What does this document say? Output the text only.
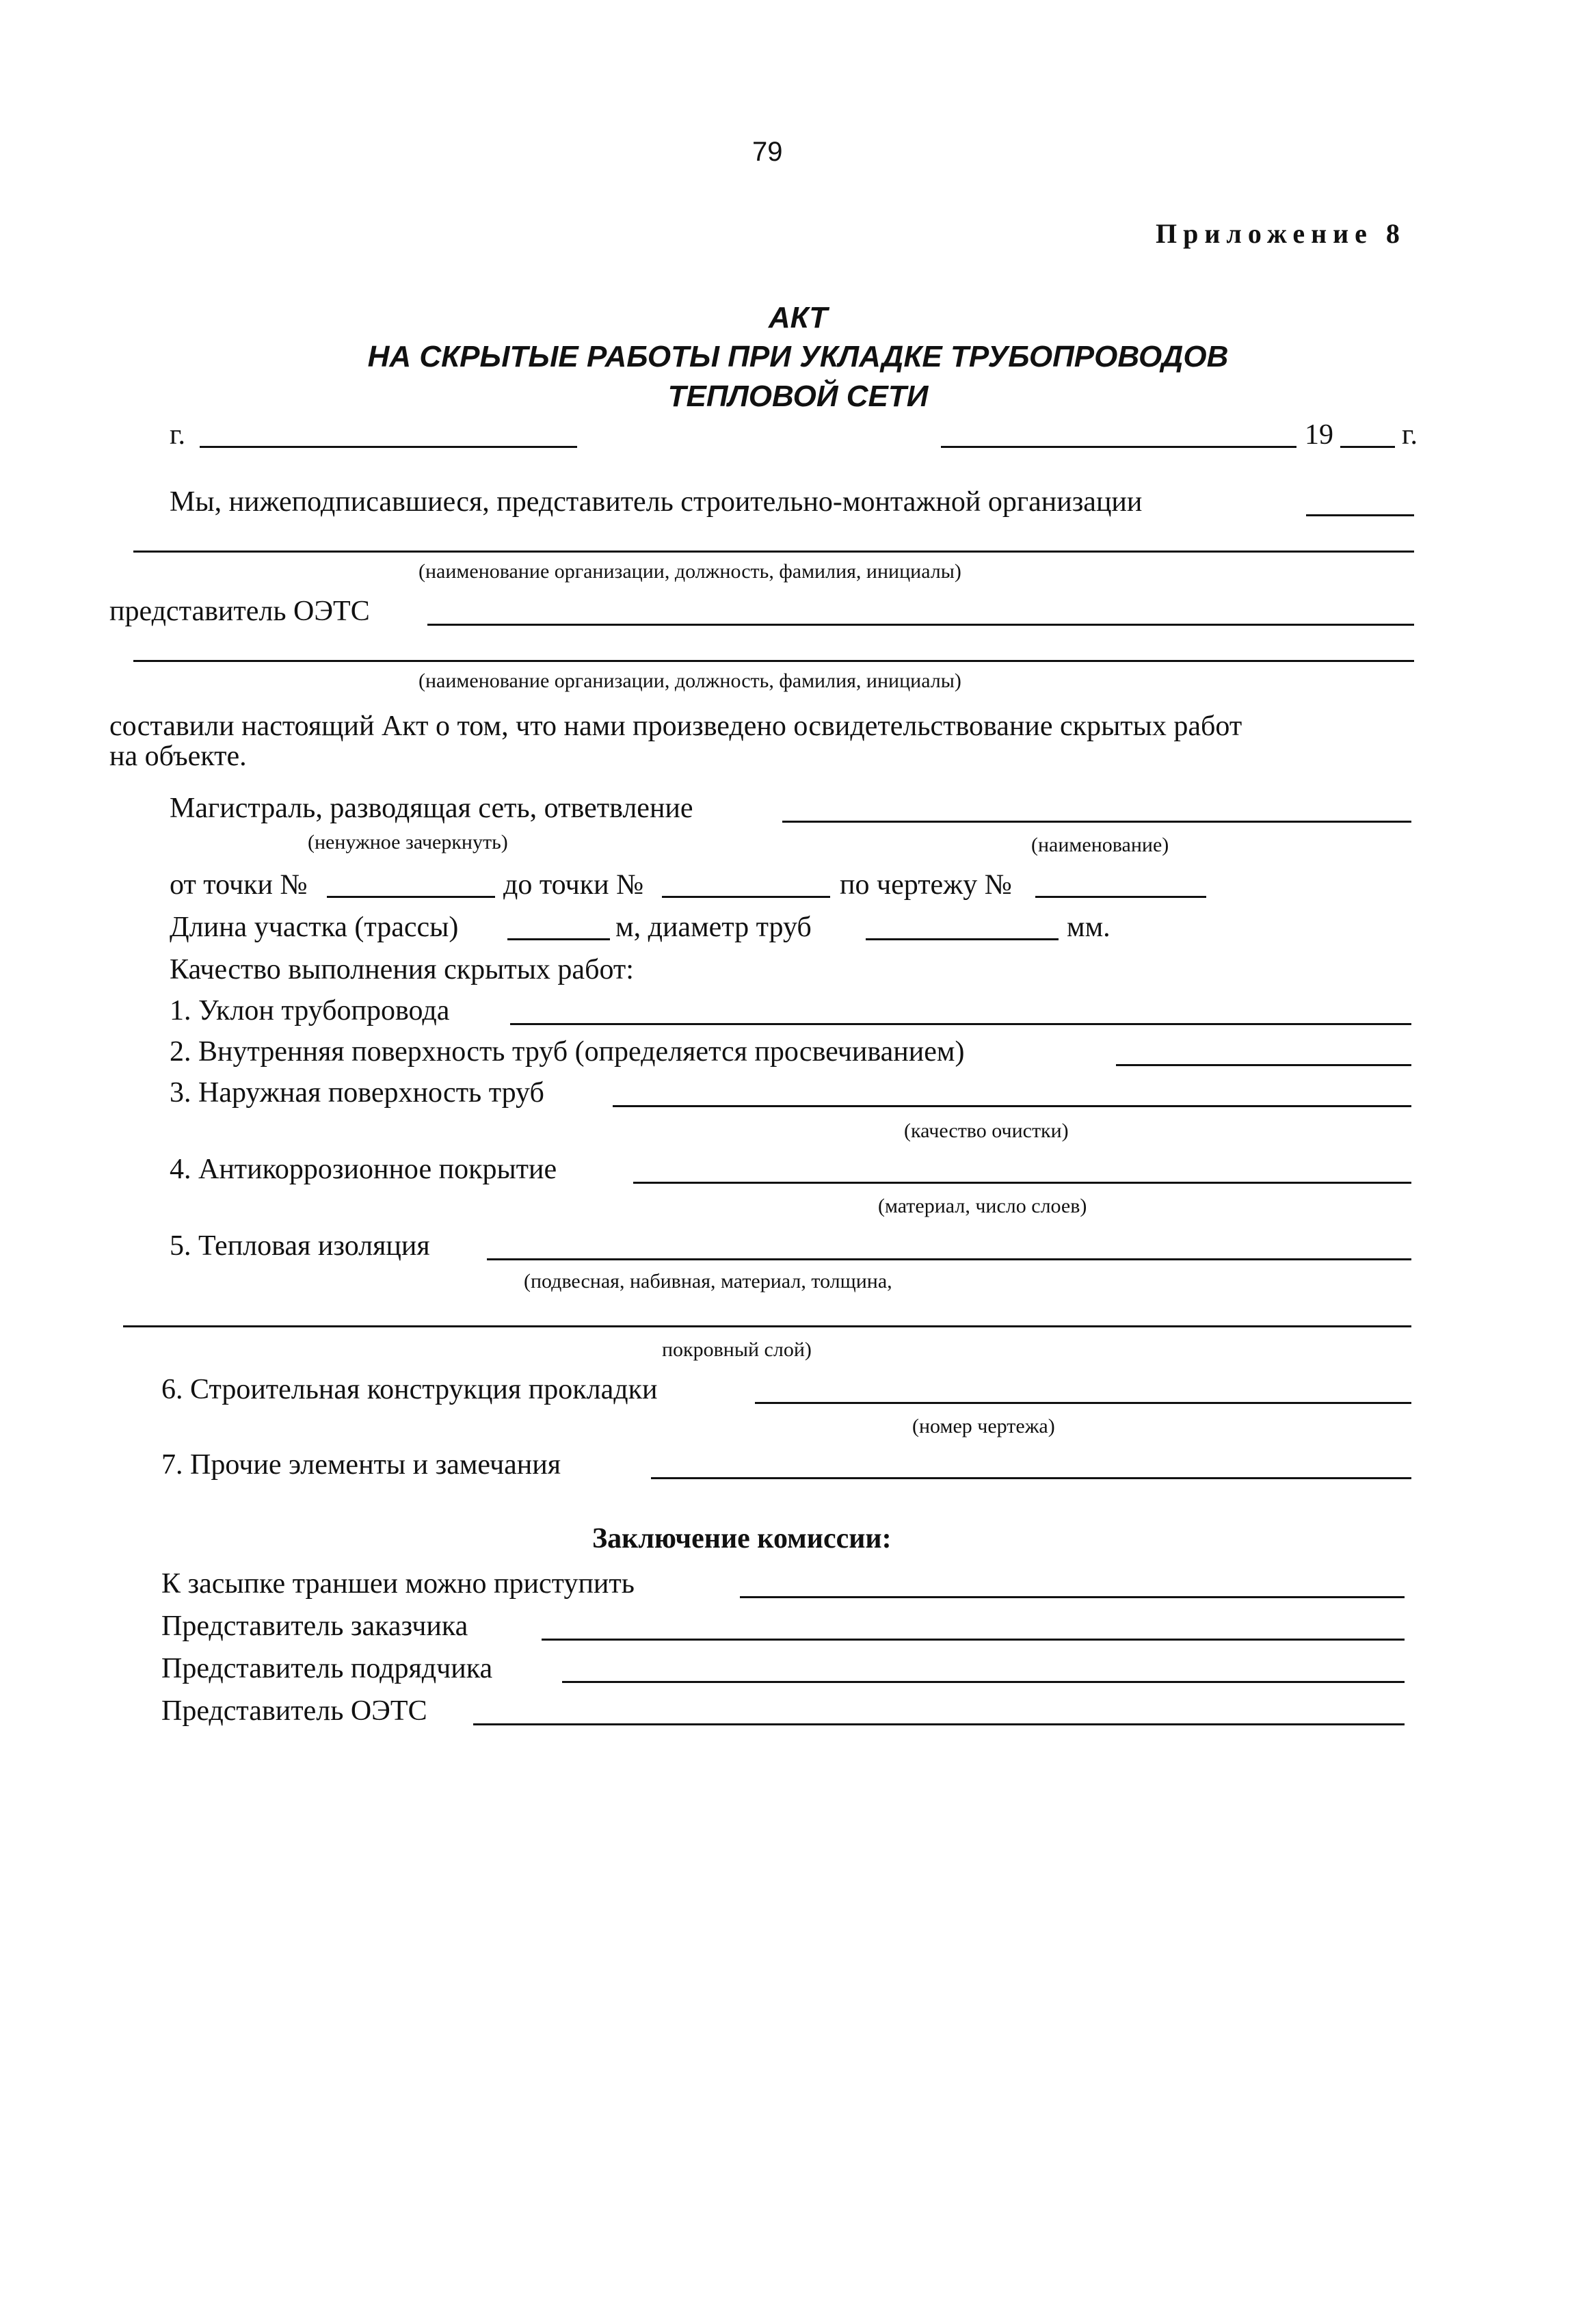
79
Приложение 8
АКТ
НА СКРЫТЫЕ РАБОТЫ ПРИ УКЛАДКЕ ТРУБОПРОВОДОВ
ТЕПЛОВОЙ СЕТИ
г.	19 г.
Мы, нижеподписавшиеся, представитель строительно-монтажной организации
(наименование организации, должность, фамилия, инициалы)
представитель ОЭТС
(наименование организации, должность, фамилия, инициалы)
составили настоящий Акт о том, что нами произведено освидетельствование скрытых работ
на объекте.
Магистраль, разводящая сеть, ответвление
(ненужное зачеркнуть)	(наименование)
от точки №	до точки №	по чертежу №
Длина участка (трассы)	м, диаметр труб	мм.
Качество выполнения скрытых работ:
1. Уклон трубопровода
2. Внутренняя поверхность труб (определяется просвечиванием)
3. Наружная поверхность труб
(качество очистки)
4. Антикоррозионное покрытие
(материал, число слоев)
5. Тепловая изоляция
(подвесная, набивная, материал, толщина,
покровный слой)
6. Строительная конструкция прокладки
(номер чертежа)
7. Прочие элементы и замечания
Заключение комиссии:
К засыпке траншеи можно приступить
Представитель заказчика
Представитель подрядчика
Представитель ОЭТС
